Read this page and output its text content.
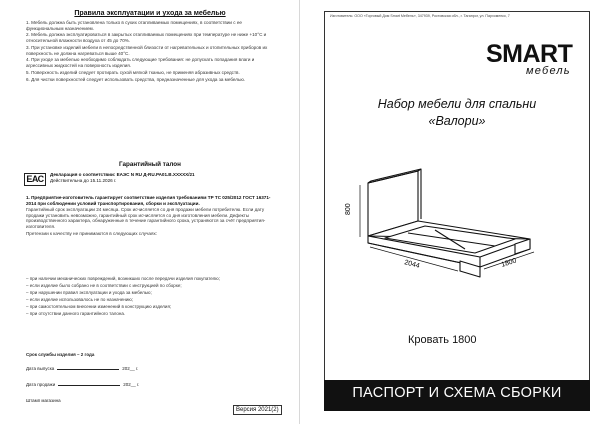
Правила эксплуатации и ухода за мебелью
1. Мебель должна быть установлена только в сухих отапливаемых помещениях, в соответствии с ее функциональным назначением.
2. Мебель должна эксплуатироваться в закрытых отапливаемых помещениях при температуре не ниже +10°С и относительной влажности воздуха от 45 до 70%.
3. При установке изделий мебели в непосредственной близости от нагревательных и отопительных приборов их поверхность не должна нагреваться выше 40°С.
4. При уходе за мебелью необходимо соблюдать следующие требования: не допускать попадания влаги и агрессивных жидкостей на поверхность изделия.
5. Поверхность изделий следует протирать сухой мягкой тканью, не применяя абразивных средств.
6. Для чистки поверхностей следует использовать средства, предназначенные для ухода за мебелью.
Гарантийный талон
ЕАС	Декларация о соответствии: ЕАЭС N RU Д-RU.РА01.В.XXXXX/21
Действительна до 15.11.2026 г.

1. Предприятие-изготовитель гарантирует соответствие изделия требованиям ТР ТС 025/2012 ГОСТ 16371-2014 при соблюдении условий транспортирования, сборки и эксплуатации.

Гарантийный срок эксплуатации 24 месяца. Срок исчисляется со дня продажи мебели потребителю. Если дату продажи установить невозможно, гарантийный срок исчисляется со дня изготовления мебели. Дефекты производственного характера, обнаруженные в течение гарантийного срока, устраняются за счёт предприятия-изготовителя.

Претензии к качеству не принимаются в следующих случаях:

– при наличии механических повреждений, возникших после передачи изделия покупателю;
– если изделие было собрано не в соответствии с инструкцией по сборке;
– при нарушении правил эксплуатации и ухода за мебелью;
– если изделие использовалось не по назначению;
– при самостоятельном внесении изменений в конструкцию изделия;
– при отсутствии данного гарантийного талона.
Срок службы изделия – 2 года
Дата выпуска	202__ г.
Дата продажи	202__ г.
Штамп магазина
Версия 2021(2)
Изготовитель: ООО «Торговый Дом Smart Мебель», 347939, Ростовская обл., г. Таганрог, ул. Пархоменко, 7
SMART
мебель
Набор мебели для спальни
«Валори»
800
2044	1800
Кровать 1800
ПАСПОРТ И СХЕМА СБОРКИ
